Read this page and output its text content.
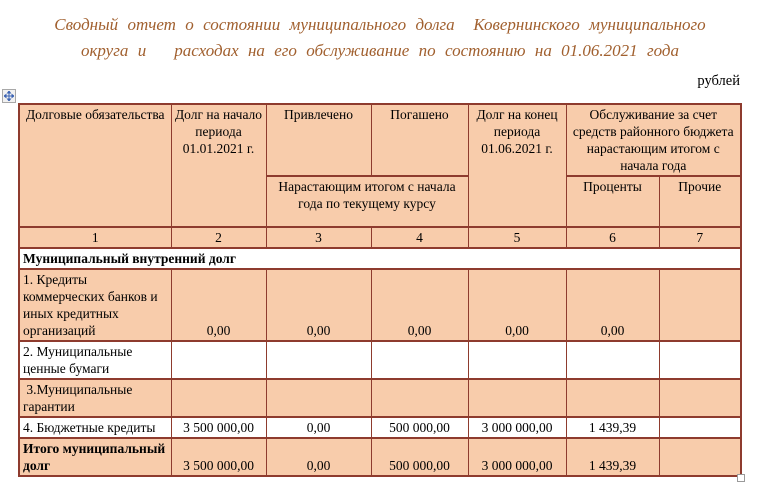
Сводный отчет о состоянии муниципального долга  Ковернинского муниципального
округа и   расходах на его обслуживание по состоянию на 01.06.2021 года
рублей
Долговые обязательства	Долг на начало периода 01.01.2021 г.	Привлечено	Погашено	Долг на конец периода 01.06.2021 г.	Обслуживание за счет средств районного бюджета нарастающим итогом с начала года	
		Нарастающим итогом с начала года по текущему курсу			Проценты	Прочие
1	2	3	4	5	6	7
Муниципальный внутренний долг						
1. Кредиты коммерческих банков и иных кредитных организаций	0,00	0,00	0,00	0,00	0,00	
2. Муниципальные ценные бумаги						
3.Муниципальные гарантии						
4. Бюджетные кредиты	3 500 000,00	0,00	500 000,00	3 000 000,00	1 439,39	
Итого муниципальный долг	3 500 000,00	0,00	500 000,00	3 000 000,00	1 439,39	
